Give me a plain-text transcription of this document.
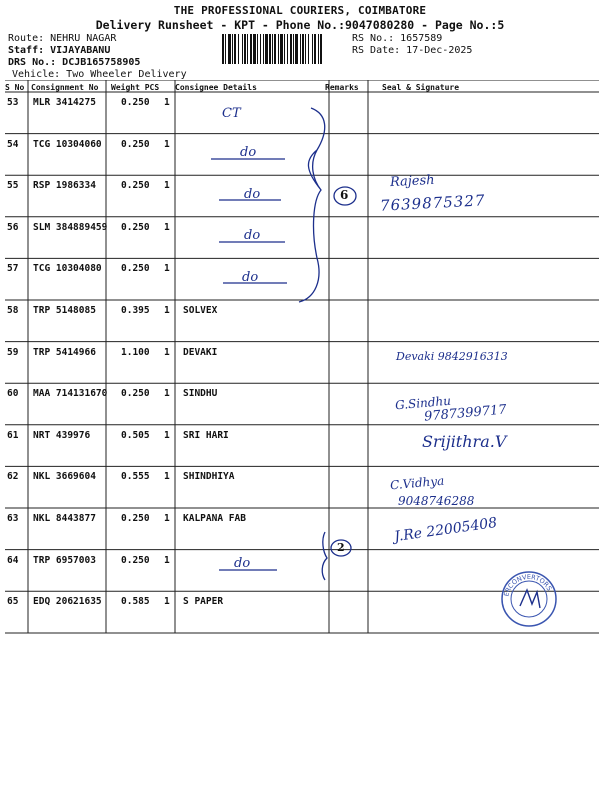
THE PROFESSIONAL COURIERS, COIMBATORE
Delivery Runsheet - KPT - Phone No.:9047080280 - Page No.:5
Route: NEHRU NAGAR
Staff: VIJAYABANU
DRS No.: DCJB165758905
Vehicle: Two Wheeler Delivery
RS No.: 1657589
RS Date: 17-Dec-2025
S No Consignment No Weight PCS Consignee Details	Remarks	Seal & Signature
53 MLR 3414275	0.250 1
54 TCG 10304060 0.250 1
55 RSP 1986334	0.250 1
56 SLM 384889459 0.250 1
57 TCG 10304080 0.250 1
58 TRP 5148085	0.395 1 SOLVEX
59 TRP 5414966	1.100 1 DEVAKI
60 MAA 714131670 0.250 1 SINDHU
61 NRT 439976	0.505 1 SRI HARI
62 NKL 3669604	0.555 1 SHINDHIYA
63 NKL 8443877	0.250 1 KALPANA FAB
64 TRP 6957003	0.250 1
65 EDQ 20621635 0.585 1 S PAPER
CT
do
do
do
do
do
6
2
Rajesh
7639875327
Devaki 9842916313
G.Sindhu
9787399717
Srijithra.V
C.Vidhya
9048746288
J.Re 22005408
ERCONVERTORS
